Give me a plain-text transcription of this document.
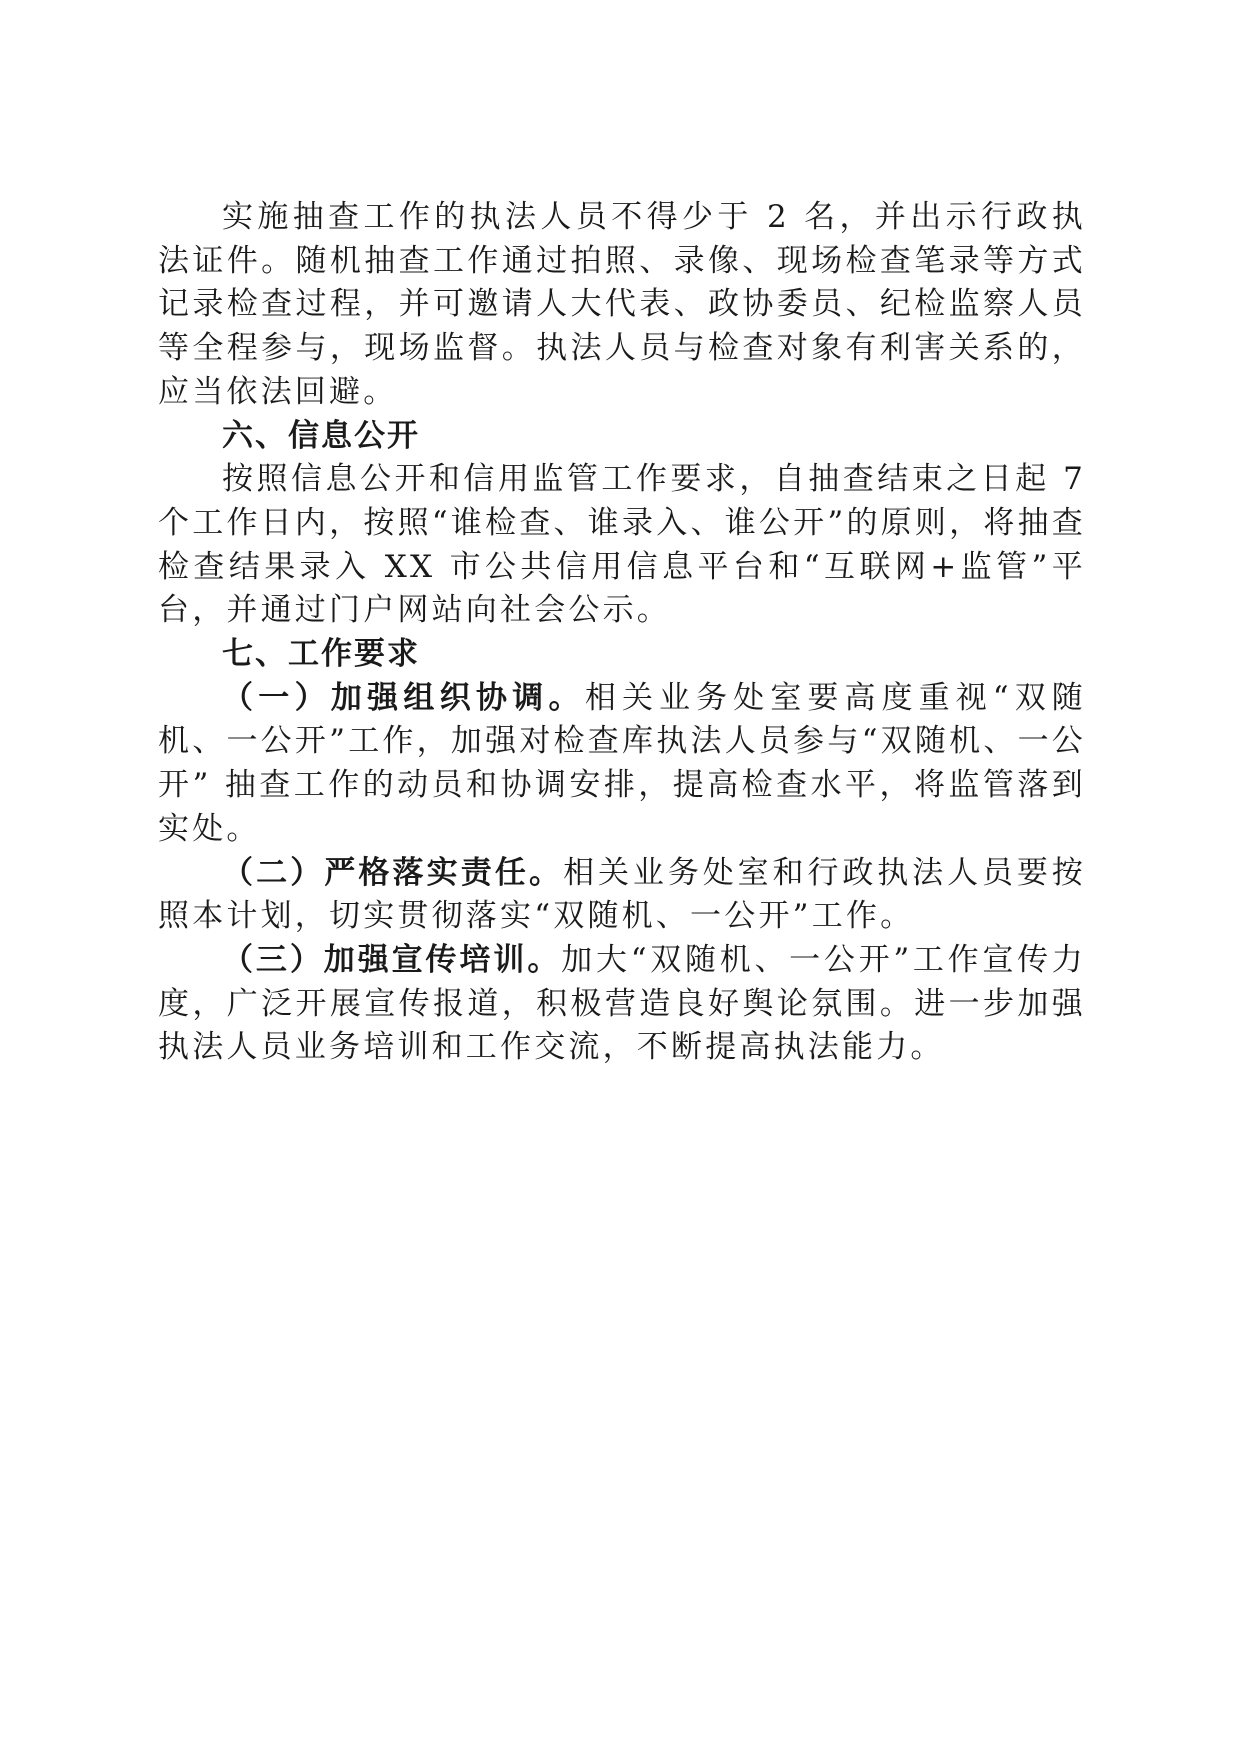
实施抽查工作的执法人员不得少于 2 名，并出示行政执法证件。随机抽查工作通过拍照、录像、现场检查笔录等方式记录检查过程，并可邀请人大代表、政协委员、纪检监察人员等全程参与，现场监督。执法人员与检查对象有利害关系的，应当依法回避。

六、信息公开

按照信息公开和信用监管工作要求，自抽查结束之日起 7 个工作日内，按照“谁检查、谁录入、谁公开”的原则，将抽查检查结果录入 XX 市公共信用信息平台和“互联网+监管”平台，并通过门户网站向社会公示。

七、工作要求

（一）加强组织协调。相关业务处室要高度重视“双随机、一公开”工作，加强对检查库执法人员参与“双随机、一公开” 抽查工作的动员和协调安排，提高检查水平，将监管落到实处。

（二）严格落实责任。相关业务处室和行政执法人员要按照本计划，切实贯彻落实“双随机、一公开”工作。

（三）加强宣传培训。加大“双随机、一公开”工作宣传力度，广泛开展宣传报道，积极营造良好舆论氛围。进一步加强执法人员业务培训和工作交流，不断提高执法能力。
